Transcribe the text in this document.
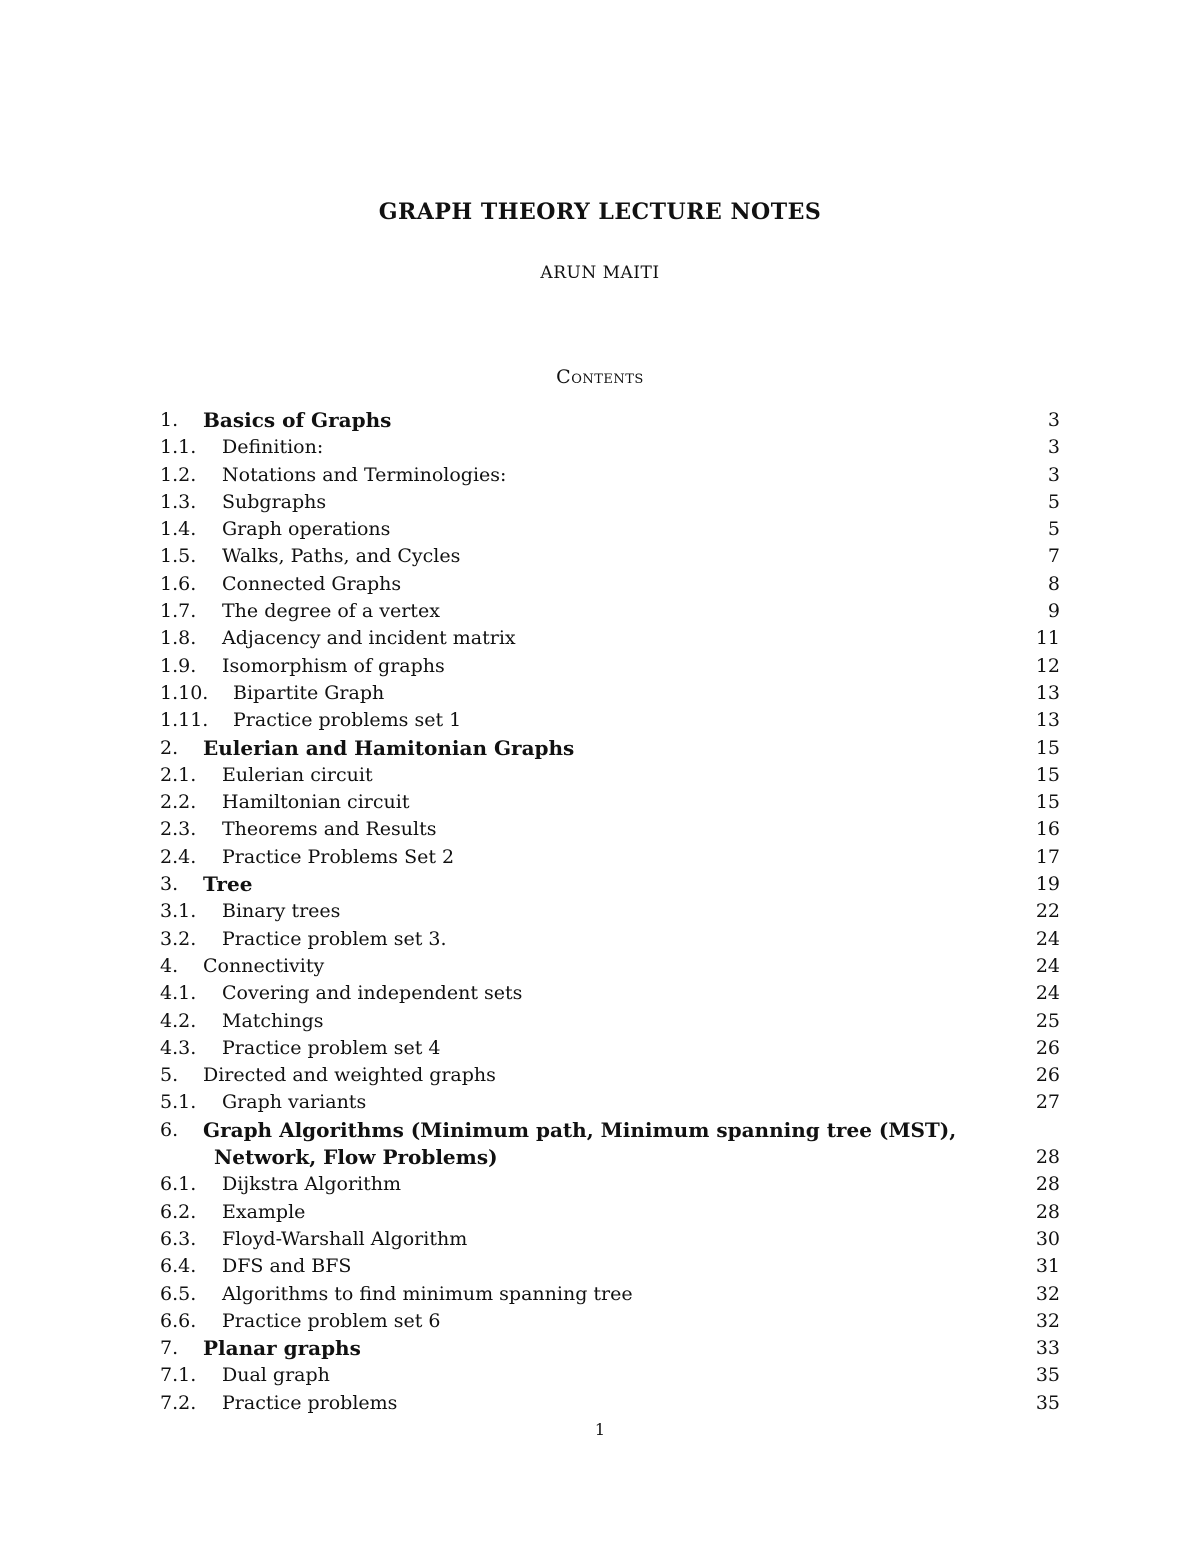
GRAPH THEORY LECTURE NOTES
ARUN MAITI
Contents
1. Basics of Graphs	3
1.1. Definition:	3
1.2. Notations and Terminologies:	3
1.3. Subgraphs	5
1.4. Graph operations	5
1.5. Walks, Paths, and Cycles	7
1.6. Connected Graphs	8
1.7. The degree of a vertex	9
1.8. Adjacency and incident matrix	11
1.9. Isomorphism of graphs	12
1.10. Bipartite Graph	13
1.11. Practice problems set 1	13
2. Eulerian and Hamitonian Graphs	15
2.1. Eulerian circuit	15
2.2. Hamiltonian circuit	15
2.3. Theorems and Results	16
2.4. Practice Problems Set 2	17
3. Tree	19
3.1. Binary trees	22
3.2. Practice problem set 3.	24
4. Connectivity	24
4.1. Covering and independent sets	24
4.2. Matchings	25
4.3. Practice problem set 4	26
5. Directed and weighted graphs	26
5.1. Graph variants	27
6. Graph Algorithms (Minimum path, Minimum spanning tree (MST),
Network, Flow Problems)	28
6.1. Dijkstra Algorithm	28
6.2. Example	28
6.3. Floyd-Warshall Algorithm	30
6.4. DFS and BFS	31
6.5. Algorithms to find minimum spanning tree	32
6.6. Practice problem set 6	32
7. Planar graphs	33
7.1. Dual graph	35
7.2. Practice problems	35
1
